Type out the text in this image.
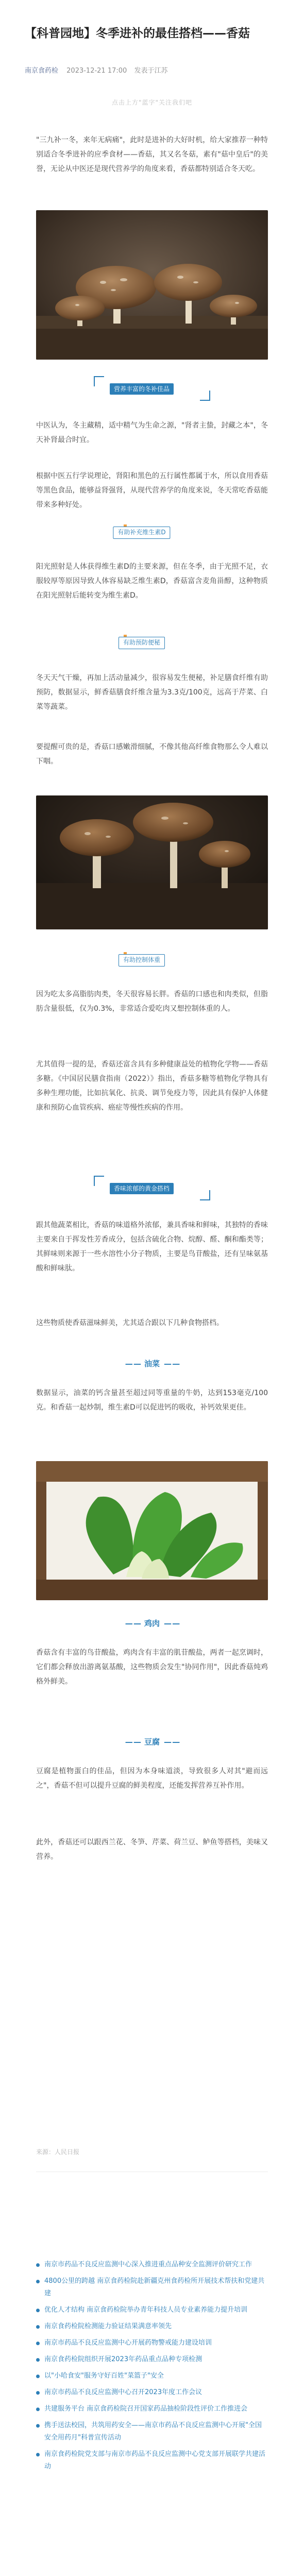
【科普园地】冬季进补的最佳搭档——香菇
南京食药检 2023-12-21 17:00 发表于江苏
点击上方"蓝字"关注我们吧

"三九补一冬，来年无病痛"，此时是进补的大好时机，给大家推荐一种特别适合冬季进补的应季食材——香菇，其又名冬菇，素有"菇中皇后"的美誉，无论从中医还是现代营养学的角度来看，香菇都特别适合冬天吃。

营养丰富的冬补佳品

中医认为，冬主藏精，适中精气为生命之源，"肾者主蛰，封藏之本"，冬天补肾最合时宜。

根据中医五行学说理论，肾阳和黑色的五行属性都属于水，所以食用香菇等黑色食品，能够益肾强肾，从现代营养学的角度来说，冬天常吃香菇能带来多种好处。

有助补充维生素D

阳光照射是人体获得维生素D的主要来源，但在冬季，由于光照不足，衣服较厚等原因导致人体容易缺乏维生素D，香菇富含麦角甾醇，这种物质在阳光照射后能转变为维生素D。

有助预防便秘

冬天天气干燥，再加上活动量减少，很容易发生便秘，补足膳食纤维有助预防，数据显示，鲜香菇膳食纤维含量为3.3克/100克，远高于芹菜、白菜等蔬菜。

要提醒可贵的是，香菇口感嫩滑细腻，不像其他高纤维食物那么令人难以下咽。

有助控制体重

因为吃太多高脂肪肉类，冬天很容易长胖。香菇的口感也和肉类似，但脂肪含量很低，仅为0.3%，非常适合爱吃肉又想控制体重的人。

尤其值得一提的是，香菇还富含具有多种健康益处的植物化学物——香菇多糖。《中国居民膳食指南（2022）》指出，香菇多糖等植物化学物具有多种生理功能，比如抗氧化、抗炎、调节免疫力等，因此具有保护人体健康和预防心血管疾病、癌症等慢性疾病的作用。

香味浓郁的黄金搭档

跟其他蔬菜相比，香菇的味道格外浓郁，兼具香味和鲜味，其独特的香味主要来自于挥发性芳香成分，包括含硫化合物、烷醇、醛、酮和酯类等；其鲜味则来源于一些水溶性小分子物质，主要是鸟苷酸盐，还有呈味氨基酸和鲜味肽。

这些物质使香菇滋味鲜美，尤其适合跟以下几种食物搭档。

— — 油菜 — —

数据显示，油菜的钙含量甚至超过同等重量的牛奶，达到153毫克/100克。和香菇一起炒制，维生素D可以促进钙的吸收，补钙效果更佳。

— — 鸡肉 — —

香菇含有丰富的鸟苷酸盐，鸡肉含有丰富的肌苷酸盐，两者一起烹调时，它们都会释放出游离氨基酸，这些物质会发生"协同作用"，因此香菇炖鸡格外鲜美。

— — 豆腐 — —

豆腐是植物蛋白的佳品，但因为本身味道淡，导致很多人对其"避而远之"，香菇不但可以提升豆腐的鲜美程度，还能发挥营养互补作用。

此外，香菇还可以跟西兰花、冬笋、芹菜、荷兰豆、鲈鱼等搭档，美味又营养。

来源：人民日报
南京市药品不良反应监测中心深入推进重点品种安全监测评价研究工作
4800公里的跨越 南京食药检院赴新疆克州食药检所开展技术帮扶和党建共建
优化人才结构 南京食药检院举办青年科技人员专业素养能力提升培训
南京食药检院检测能力验证结果满意率领先
南京市药品不良反应监测中心开展药物警戒能力建设培训
南京食药检院组织开展2023年药品重点品种专项检测
以"小哈食安"服务守好百姓"菜篮子"安全
南京市药品不良反应监测中心召开2023年度工作会议
共建服务平台 南京食药检院召开国家药品抽检阶段性评价工作推进会
携手送法校园，共筑用药安全——南京市药品不良反应监测中心开展"全国安全用药月"科普宣传活动
南京食药检院党支部与南京市药品不良反应监测中心党支部开展联学共建活动
